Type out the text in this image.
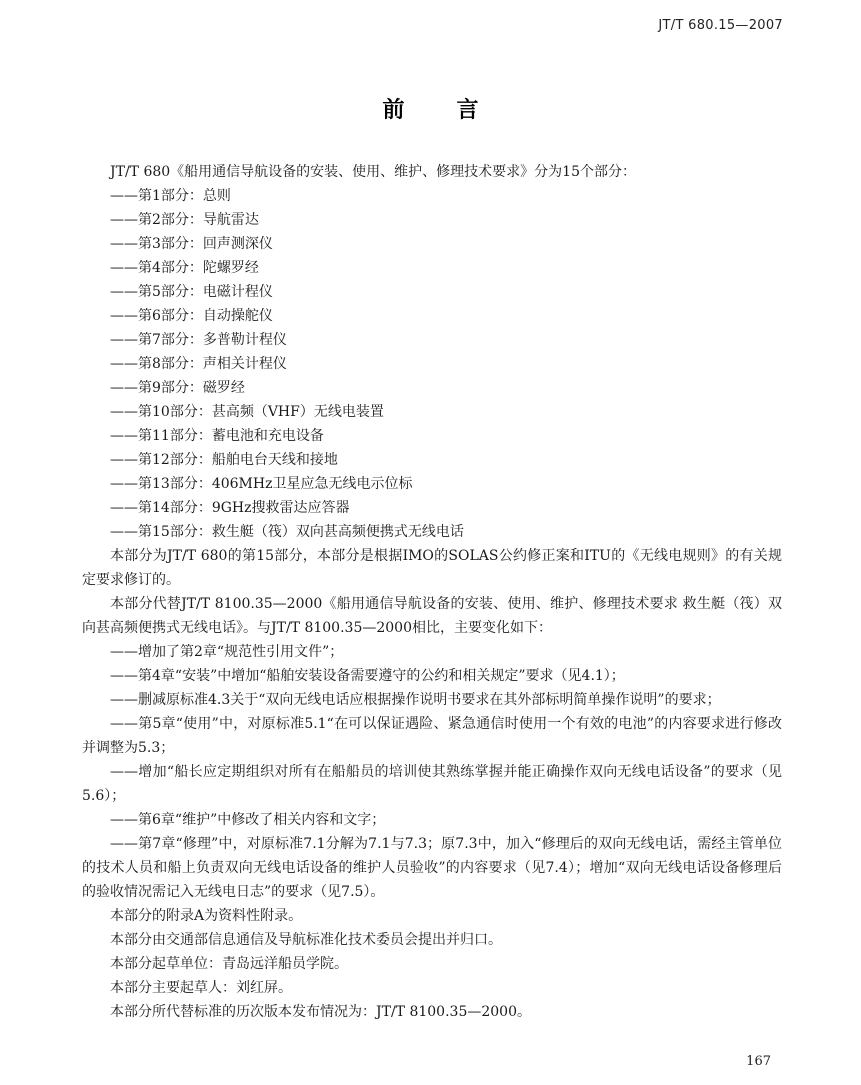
JT/T 680.15—2007
前言

JT/T 680《船用通信导航设备的安装、使用、维护、修理技术要求》分为15个部分：

——第1部分：总则

——第2部分：导航雷达

——第3部分：回声测深仪

——第4部分：陀螺罗经

——第5部分：电磁计程仪

——第6部分：自动操舵仪

——第7部分：多普勒计程仪

——第8部分：声相关计程仪

——第9部分：磁罗经

——第10部分：甚高频（VHF）无线电装置

——第11部分：蓄电池和充电设备

——第12部分：船舶电台天线和接地

——第13部分：406MHz卫星应急无线电示位标

——第14部分：9GHz搜救雷达应答器

——第15部分：救生艇（筏）双向甚高频便携式无线电话

本部分为JT/T 680的第15部分，本部分是根据IMO的SOLAS公约修正案和ITU的《无线电规则》的有关规定要求修订的。

本部分代替JT/T 8100.35—2000《船用通信导航设备的安装、使用、维护、修理技术要求 救生艇（筏）双向甚高频便携式无线电话》。与JT/T 8100.35—2000相比，主要变化如下：

——增加了第2章“规范性引用文件”；

——第4章“安装”中增加“船舶安装设备需要遵守的公约和相关规定”要求（见4.1）；

——删减原标准4.3关于“双向无线电话应根据操作说明书要求在其外部标明简单操作说明”的要求；

——第5章“使用”中，对原标准5.1“在可以保证遇险、紧急通信时使用一个有效的电池”的内容要求进行修改并调整为5.3；

——增加“船长应定期组织对所有在船船员的培训使其熟练掌握并能正确操作双向无线电话设备”的要求（见5.6）；

——第6章“维护”中修改了相关内容和文字；

——第7章“修理”中，对原标准7.1分解为7.1与7.3；原7.3中，加入“修理后的双向无线电话，需经主管单位的技术人员和船上负责双向无线电话设备的维护人员验收”的内容要求（见7.4）；增加“双向无线电话设备修理后的验收情况需记入无线电日志”的要求（见7.5）。

本部分的附录A为资料性附录。

本部分由交通部信息通信及导航标准化技术委员会提出并归口。

本部分起草单位：青岛远洋船员学院。

本部分主要起草人：刘红屏。

本部分所代替标准的历次版本发布情况为：JT/T 8100.35—2000。

167
